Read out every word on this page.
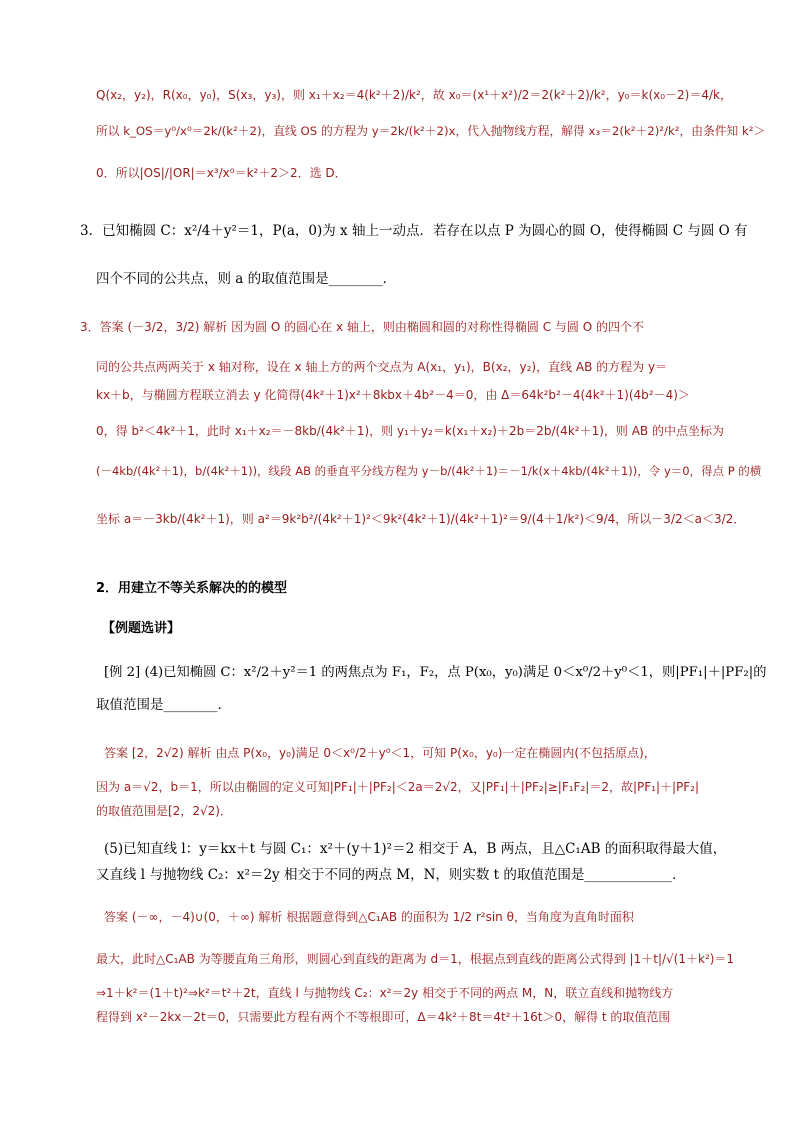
Q(x₂，y₂)，R(x₀，y₀)，S(x₃，y₃)，则 x₁＋x₂＝4(k²＋2)/k²，故 x₀＝(x¹＋x²)/2＝2(k²＋2)/k²，y₀＝k(x₀－2)＝4/k，
所以 k_OS＝y⁰/x⁰＝2k/(k²＋2)，直线 OS 的方程为 y＝2k/(k²＋2)x，代入抛物线方程，解得 x₃＝2(k²＋2)²/k²，由条件知 k²＞
0．所以|OS|/|OR|＝x³/x⁰＝k²＋2＞2．选 D．
3．已知椭圆 C：x²/4＋y²＝1，P(a，0)为 x 轴上一动点．若存在以点 P 为圆心的圆 O，使得椭圆 C 与圆 O 有
四个不同的公共点，则 a 的取值范围是________．
3．答案 (－3/2，3/2) 解析 因为圆 O 的圆心在 x 轴上，则由椭圆和圆的对称性得椭圆 C 与圆 O 的四个不
同的公共点两两关于 x 轴对称，设在 x 轴上方的两个交点为 A(x₁，y₁)，B(x₂，y₂)，直线 AB 的方程为 y＝
kx＋b，与椭圆方程联立消去 y 化简得(4k²＋1)x²＋8kbx＋4b²－4＝0，由 Δ＝64k²b²－4(4k²＋1)(4b²－4)＞
0，得 b²＜4k²＋1，此时 x₁＋x₂＝－8kb/(4k²＋1)，则 y₁＋y₂＝k(x₁＋x₂)＋2b＝2b/(4k²＋1)，则 AB 的中点坐标为
(－4kb/(4k²＋1)，b/(4k²＋1))，线段 AB 的垂直平分线方程为 y－b/(4k²＋1)＝－1/k(x＋4kb/(4k²＋1))，令 y＝0，得点 P 的横
坐标 a＝－3kb/(4k²＋1)，则 a²＝9k²b²/(4k²＋1)²＜9k²(4k²＋1)/(4k²＋1)²＝9/(4＋1/k²)＜9/4，所以－3/2＜a＜3/2．
2．用建立不等关系解决的的模型
【例题选讲】
[例 2] (4)已知椭圆 C：x²/2＋y²＝1 的两焦点为 F₁，F₂，点 P(x₀，y₀)满足 0＜x⁰/2＋y⁰＜1，则|PF₁|＋|PF₂|的
取值范围是________．
答案 [2，2√2) 解析 由点 P(x₀，y₀)满足 0＜x⁰/2＋y⁰＜1，可知 P(x₀，y₀)一定在椭圆内(不包括原点)，
因为 a＝√2，b＝1，所以由椭圆的定义可知|PF₁|＋|PF₂|＜2a＝2√2，又|PF₁|＋|PF₂|≥|F₁F₂|＝2，故|PF₁|＋|PF₂|
的取值范围是[2，2√2)．
(5)已知直线 l：y＝kx＋t 与圆 C₁：x²＋(y＋1)²＝2 相交于 A，B 两点，且△C₁AB 的面积取得最大值，
又直线 l 与抛物线 C₂：x²＝2y 相交于不同的两点 M，N，则实数 t 的取值范围是_____________．
答案 (－∞，－4)∪(0，＋∞) 解析 根据题意得到△C₁AB 的面积为 1/2 r²sin θ，当角度为直角时面积
最大，此时△C₁AB 为等腰直角三角形，则圆心到直线的距离为 d＝1，根据点到直线的距离公式得到 |1＋t|/√(1＋k²)＝1
⇒1＋k²＝(1＋t)²⇒k²＝t²＋2t，直线 l 与抛物线 C₂：x²＝2y 相交于不同的两点 M，N，联立直线和抛物线方
程得到 x²－2kx－2t＝0，只需要此方程有两个不等根即可，Δ＝4k²＋8t＝4t²＋16t＞0，解得 t 的取值范围
